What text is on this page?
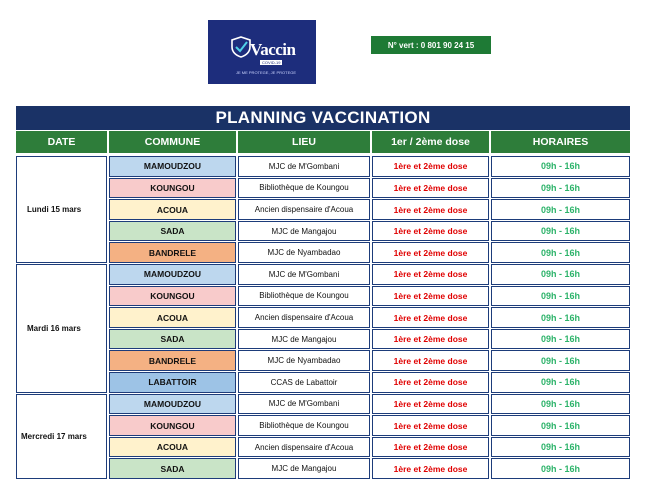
Vaccin
COVID-19
JE ME PROTEGE, JE PROTEGE
N° vert : 0 801 90 24 15
PLANNING VACCINATION
DATE	COMMUNE	LIEU	1er / 2ème dose	HORAIRES
Lundi 15 mars
MAMOUDZOU	MJC de M'Gombani	1ère et 2ème dose	09h - 16h
KOUNGOU	Bibliothèque de Koungou	1ère et 2ème dose	09h - 16h
ACOUA	Ancien dispensaire d'Acoua	1ère et 2ème dose	09h - 16h
SADA	MJC de Mangajou	1ère et 2ème dose	09h - 16h
BANDRELE	MJC de Nyambadao	1ère et 2ème dose	09h - 16h
Mardi 16 mars
MAMOUDZOU	MJC de M'Gombani	1ère et 2ème dose	09h - 16h
KOUNGOU	Bibliothèque de Koungou	1ère et 2ème dose	09h - 16h
ACOUA	Ancien dispensaire d'Acoua	1ère et 2ème dose	09h - 16h
SADA	MJC de Mangajou	1ère et 2ème dose	09h - 16h
BANDRELE	MJC de Nyambadao	1ère et 2ème dose	09h - 16h
LABATTOIR	CCAS de Labattoir	1ère et 2ème dose	09h - 16h
Mercredi 17 mars
MAMOUDZOU	MJC de M'Gombani	1ère et 2ème dose	09h - 16h
KOUNGOU	Bibliothèque de Koungou	1ère et 2ème dose	09h - 16h
ACOUA	Ancien dispensaire d'Acoua	1ère et 2ème dose	09h - 16h
SADA	MJC de Mangajou	1ère et 2ème dose	09h - 16h
